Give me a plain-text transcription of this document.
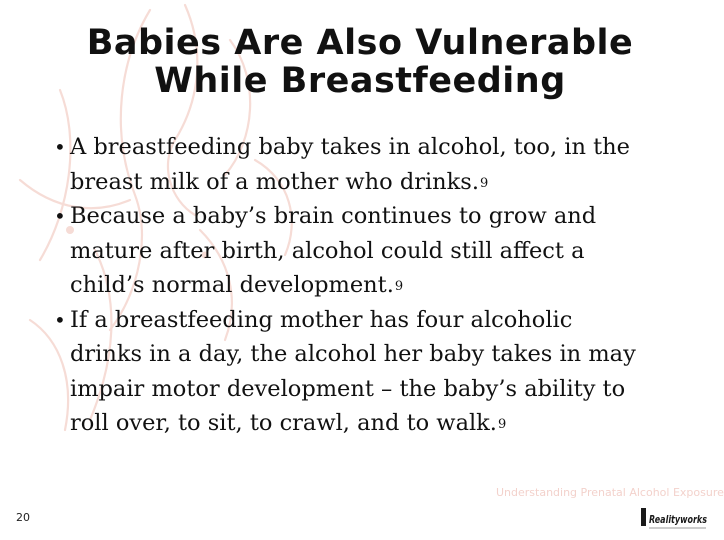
Babies Are Also Vulnerable
While Breastfeeding
• A breastfeeding baby takes in alcohol, too, in the
breast milk of a mother who drinks.$^9$
• Because a baby’s brain continues to grow and
mature after birth, alcohol could still affect a
child’s normal development.$^9$
• If a breastfeeding mother has four alcoholic
drinks in a day, the alcohol her baby takes in may
impair motor development – the baby’s ability to
roll over, to sit, to crawl, and to walk.$^9$
Understanding Prenatal Alcohol Exposure
20	Realityworks
